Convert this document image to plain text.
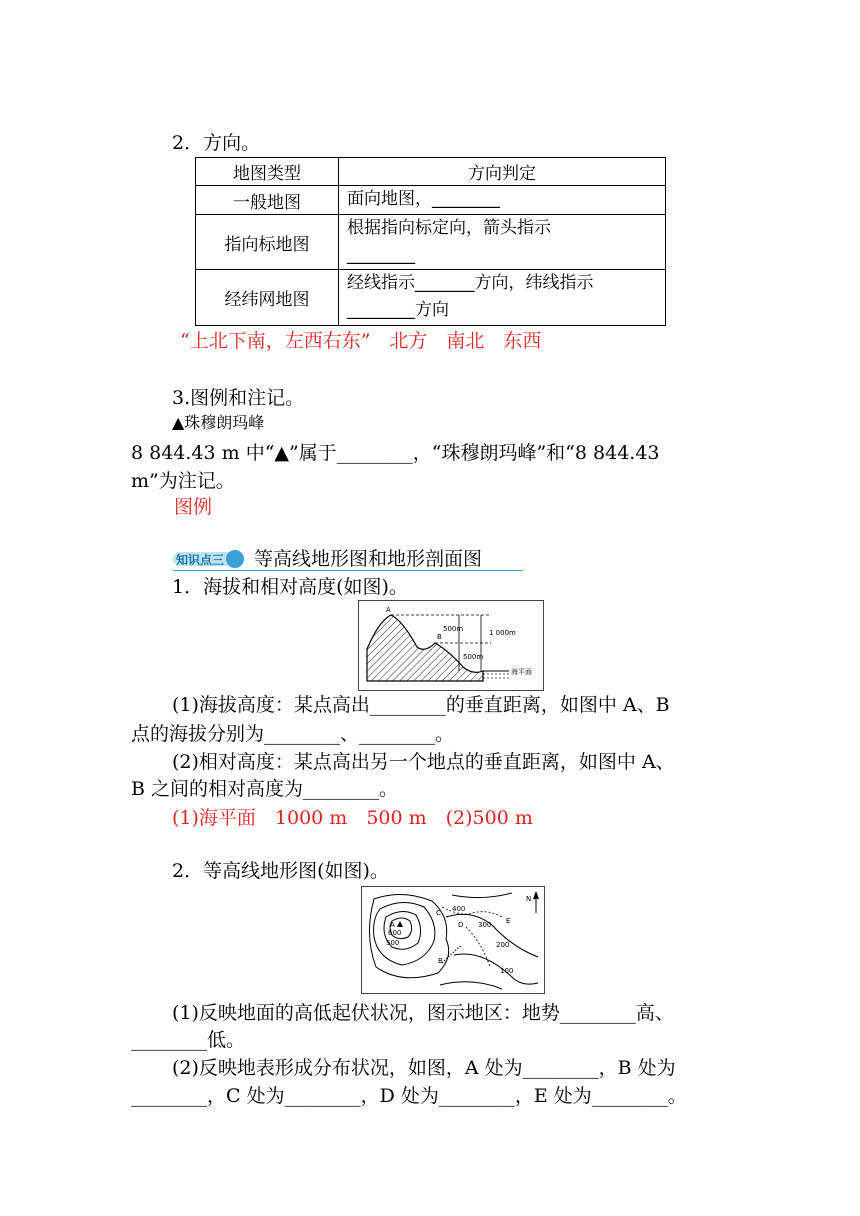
2．方向。
地图类型	方向判定
一般地图	面向地图，________
指向标地图	根据指向标定向，箭头指示
________
经纬网地图	经线指示_______方向，纬线指示
________方向
“上北下南，左西右东”　北方　南北　东西
3.图例和注记。
▲珠穆朗玛峰
8 844.43 m 中“▲”属于________，“珠穆朗玛峰”和“8 844.43
m”为注记。
图例
知识点三 等高线地形图和地形剖面图
1．海拔和相对高度(如图)。
A
B
500m	1 000m
500m
海平面
(1)海拔高度：某点高出________的垂直距离，如图中 A、B
点的海拔分别为________、________。
(2)相对高度：某点高出另一个地点的垂直距离，如图中 A、
B 之间的相对高度为________。
(1)海平面　1000 m　500 m　(2)500 m
2．等高线地形图(如图)。
A
B
C
D	E
N
600
500
400
300
200
100
(1)反映地面的高低起伏状况，图示地区：地势________高、
________低。
(2)反映地表形成分布状况，如图，A 处为________，B 处为
________，C 处为________，D 处为________，E 处为________。
